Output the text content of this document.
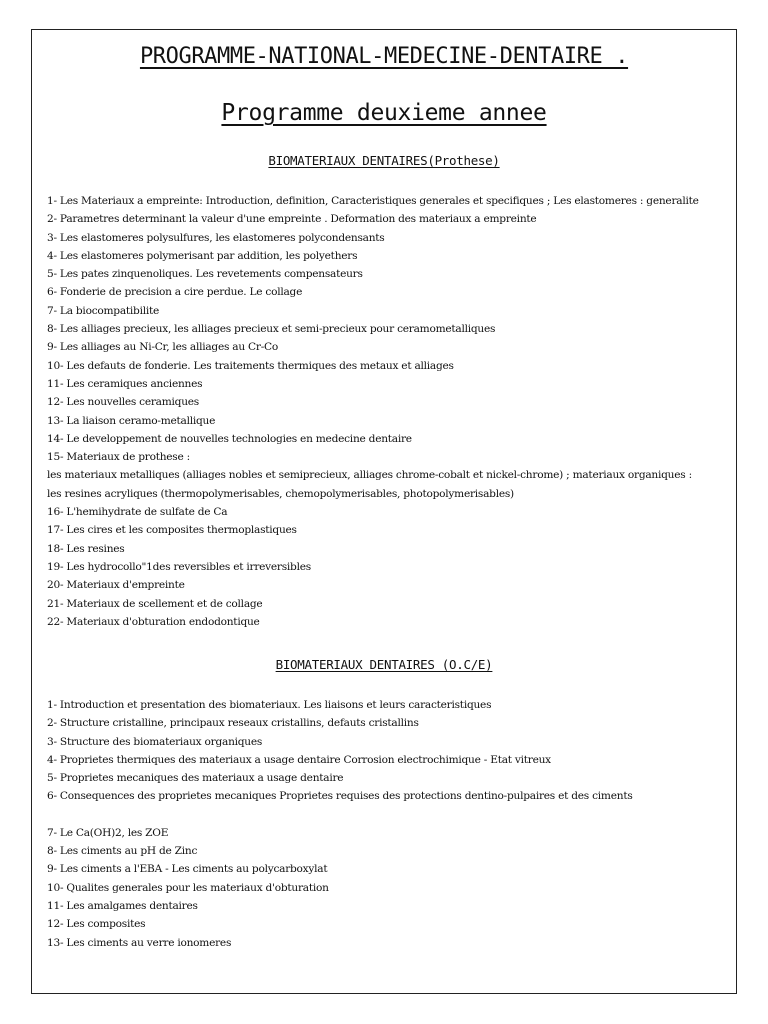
PROGRAMME-NATIONAL-MEDECINE-DENTAIRE .
Programme deuxieme annee
BIOMATERIAUX DENTAIRES(Prothese)
1- Les Materiaux a empreinte: Introduction, definition, Caracteristiques generales et specifiques ; Les elastomeres : generalite
2- Parametres determinant la valeur d'une empreinte . Deformation des materiaux a empreinte
3- Les elastomeres polysulfures, les elastomeres polycondensants
4- Les elastomeres polymerisant par addition, les polyethers
5- Les pates zinquenoliques. Les revetements compensateurs
6- Fonderie de precision a cire perdue. Le collage
7- La biocompatibilite
8- Les alliages precieux, les alliages precieux et semi-precieux pour ceramometalliques
9- Les alliages au Ni-Cr, les alliages au Cr-Co
10- Les defauts de fonderie. Les traitements thermiques des metaux et alliages
11- Les ceramiques anciennes
12- Les nouvelles ceramiques
13- La liaison ceramo-metallique
14- Le developpement de nouvelles technologies en medecine dentaire
15- Materiaux de prothese :
les materiaux metalliques (alliages nobles et semiprecieux, alliages chrome-cobalt et nickel-chrome) ; materiaux organiques :
les resines acryliques (thermopolymerisables, chemopolymerisables, photopolymerisables)
16- L'hemihydrate de sulfate de Ca
17- Les cires et les composites thermoplastiques
18- Les resines
19- Les hydrocollo"1des reversibles et irreversibles
20- Materiaux d'empreinte
21- Materiaux de scellement et de collage
22- Materiaux d'obturation endodontique
BIOMATERIAUX DENTAIRES (O.C/E)
1- Introduction et presentation des biomateriaux. Les liaisons et leurs caracteristiques
2- Structure cristalline, principaux reseaux cristallins, defauts cristallins
3- Structure des biomateriaux organiques
4- Proprietes thermiques des materiaux a usage dentaire Corrosion electrochimique - Etat vitreux
5- Proprietes mecaniques des materiaux a usage dentaire
6- Consequences des proprietes mecaniques Proprietes requises des protections dentino-pulpaires et des ciments
7- Le Ca(OH)2, les ZOE
8- Les ciments au pH de Zinc
9- Les ciments a l'EBA - Les ciments au polycarboxylat
10- Qualites generales pour les materiaux d'obturation
11- Les amalgames dentaires
12- Les composites
13- Les ciments au verre ionomeres
